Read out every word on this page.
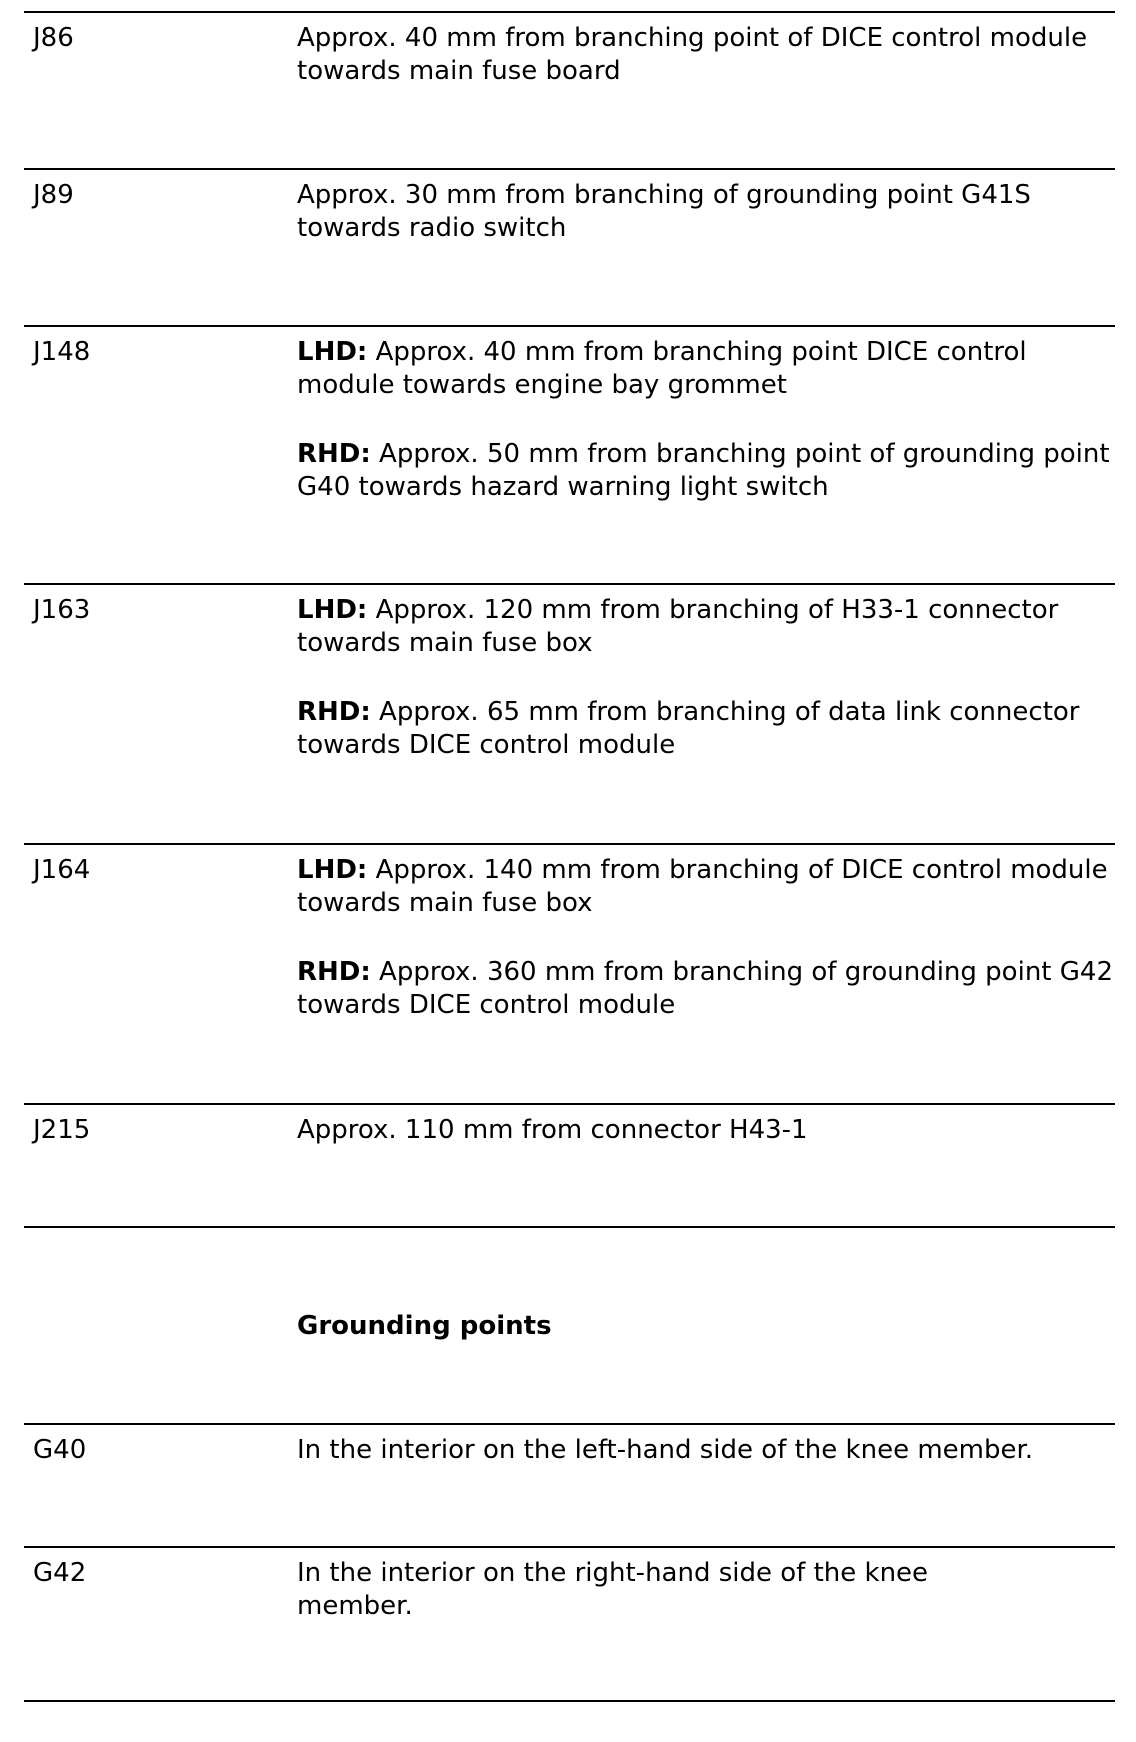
J86	Approx. 40 mm from branching point of DICE control module towards main fuse board

J89	Approx. 30 mm from branching of grounding point G41S towards radio switch

J148	LHD: Approx. 40 mm from branching point DICE control module towards engine bay grommet

RHD: Approx. 50 mm from branching point of grounding point G40 towards hazard warning light switch

J163	LHD: Approx. 120 mm from branching of H33-1 connector towards main fuse box

RHD: Approx. 65 mm from branching of data link connector towards DICE control module

J164	LHD: Approx. 140 mm from branching of DICE control module towards main fuse box

RHD: Approx. 360 mm from branching of grounding point G42 towards DICE control module

J215	Approx. 110 mm from connector H43-1

Grounding points
G40	In the interior on the left-hand side of the knee member.

G42	In the interior on the right-hand side of the knee member.
